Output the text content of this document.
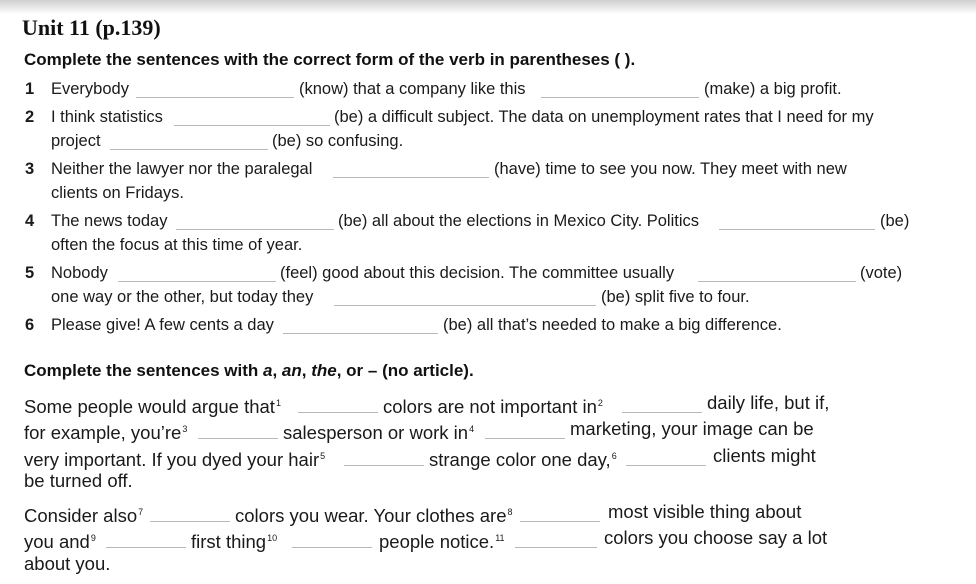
Unit 11 (p.139)
Complete the sentences with the correct form of the verb in parentheses ( ).
1 Everybody	(know) that a company like this	(make) a big profit.
2 I think statistics	(be) a difficult subject. The data on unemployment rates that I need for my
project	(be) so confusing.
3 Neither the lawyer nor the paralegal	(have) time to see you now. They meet with new
clients on Fridays.
4 The news today	(be) all about the elections in Mexico City. Politics	(be)
often the focus at this time of year.
5 Nobody	(feel) good about this decision. The committee usually	(vote)
one way or the other, but today they	(be) split five to four.
6 Please give! A few cents a day	(be) all that’s needed to make a big difference.
Complete the sentences with a, an, the, or – (no article).
Some people would argue that$^1$	colors are not important $in^2$	daily life, but if,
for example, $you’re^3$	salesperson or work $in^4$	marketing, your image can be
very important. If you dyed your hair$^5$	strange color one day,$^6$	clients might
be turned off.
Consider also$^7$	colors you wear. Your clothes are$^8$	most visible thing about
you and$^9$	first thing$^{10}$	people notice.$^{11}$	colors you choose say a lot
about you.
